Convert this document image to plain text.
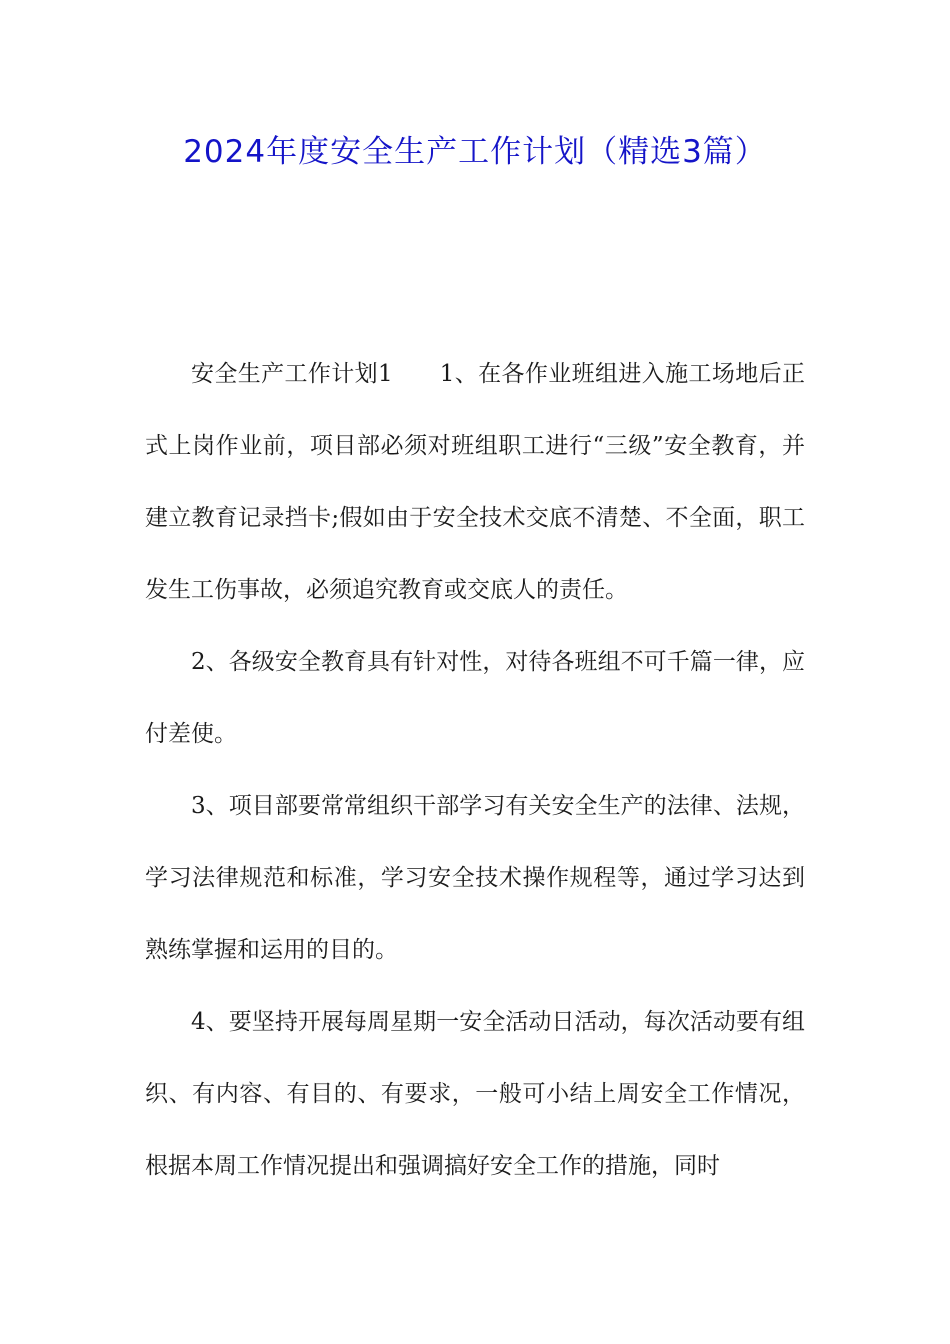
2024年度安全生产工作计划（精选3篇）

安全生产工作计划1　　1、在各作业班组进入施工场地后正式上岗作业前，项目部必须对班组职工进行“三级”安全教育，并建立教育记录挡卡;假如由于安全技术交底不清楚、不全面，职工发生工伤事故，必须追究教育或交底人的责任。

2、各级安全教育具有针对性，对待各班组不可千篇一律，应付差使。

3、项目部要常常组织干部学习有关安全生产的法律、法规，学习法律规范和标准，学习安全技术操作规程等，通过学习达到熟练掌握和运用的目的。

4、要坚持开展每周星期一安全活动日活动，每次活动要有组织、有内容、有目的、有要求，一般可小结上周安全工作情况，根据本周工作情况提出和强调搞好安全工作的措施，同时
